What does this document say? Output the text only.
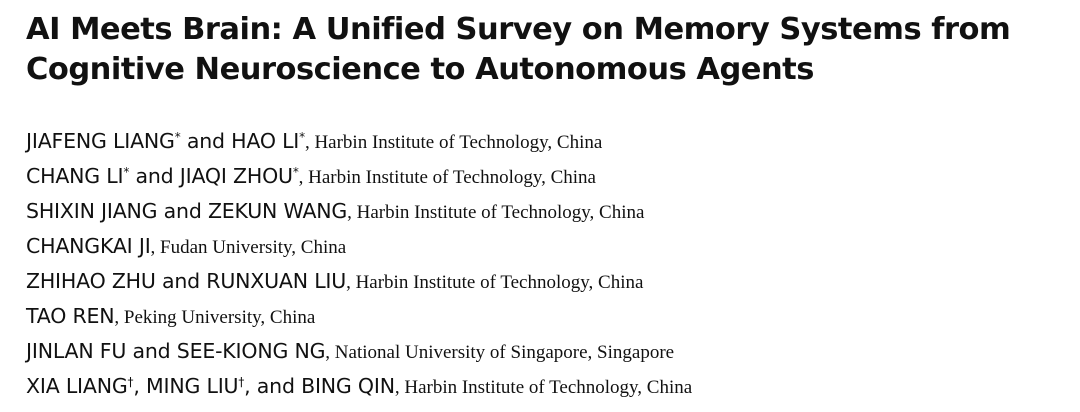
AI Meets Brain: A Unified Survey on Memory Systems from
Cognitive Neuroscience to Autonomous Agents
JIAFENG LIANG* and HAO LI*, Harbin Institute of Technology, China
CHANG LI* and JIAQI ZHOU*, Harbin Institute of Technology, China
SHIXIN JIANG and ZEKUN WANG, Harbin Institute of Technology, China
CHANGKAI JI, Fudan University, China
ZHIHAO ZHU and RUNXUAN LIU, Harbin Institute of Technology, China
TAO REN, Peking University, China
JINLAN FU and SEE-KIONG NG, National University of Singapore, Singapore
XIA LIANG†, MING LIU†, and BING QIN, Harbin Institute of Technology, China
